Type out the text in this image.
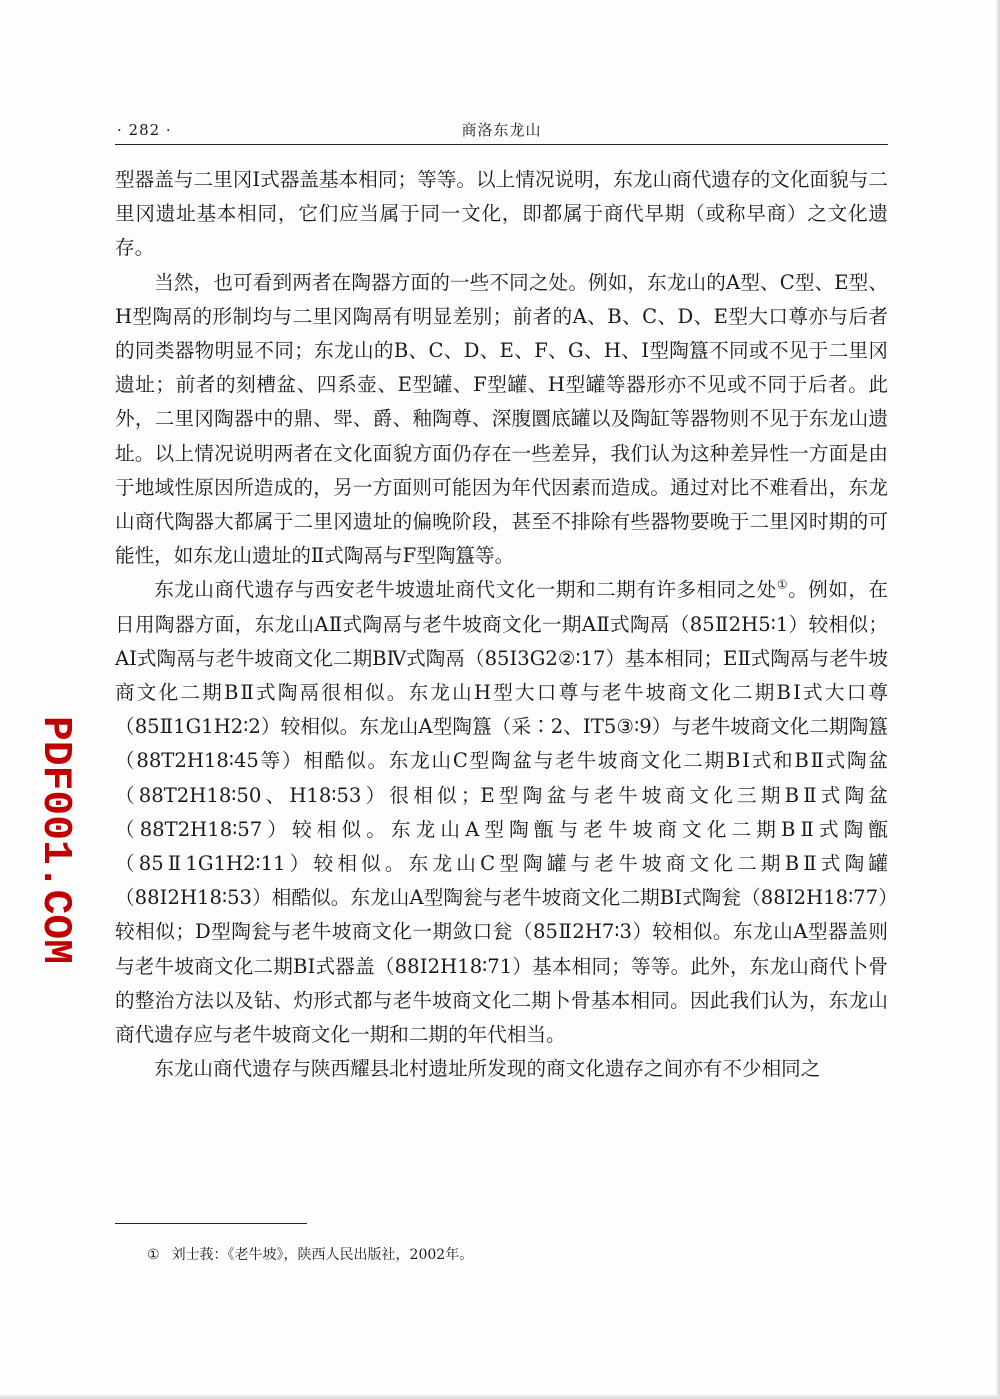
· 282 ·	商洛东龙山

型器盖与二里冈Ⅰ式器盖基本相同；等等。以上情况说明，东龙山商代遗存的文化面貌与二里冈遗址基本相同，它们应当属于同一文化，即都属于商代早期（或称早商）之文化遗存。

当然，也可看到两者在陶器方面的一些不同之处。例如，东龙山的A型、C型、E型、H型陶鬲的形制均与二里冈陶鬲有明显差别；前者的A、B、C、D、E型大口尊亦与后者的同类器物明显不同；东龙山的B、C、D、E、F、G、H、Ⅰ型陶簋不同或不见于二里冈遗址；前者的刻槽盆、四系壶、E型罐、F型罐、H型罐等器形亦不见或不同于后者。此外，二里冈陶器中的鼎、斝、爵、釉陶尊、深腹圜底罐以及陶缸等器物则不见于东龙山遗址。以上情况说明两者在文化面貌方面仍存在一些差异，我们认为这种差异性一方面是由于地域性原因所造成的，另一方面则可能因为年代因素而造成。通过对比不难看出，东龙山商代陶器大都属于二里冈遗址的偏晚阶段，甚至不排除有些器物要晚于二里冈时期的可能性，如东龙山遗址的Ⅱ式陶鬲与F型陶簋等。

东龙山商代遗存与西安老牛坡遗址商代文化一期和二期有许多相同之处①。例如，在日用陶器方面，东龙山AⅡ式陶鬲与老牛坡商文化一期AⅡ式陶鬲（85Ⅱ2H5∶1）较相似；AⅠ式陶鬲与老牛坡商文化二期BⅣ式陶鬲（85Ⅰ3G2②∶17）基本相同；EⅡ式陶鬲与老牛坡商文化二期BⅡ式陶鬲很相似。东龙山H型大口尊与老牛坡商文化二期BⅠ式大口尊（85Ⅱ1G1H2∶2）较相似。东龙山A型陶簋（采∶2、ⅠT5③∶9）与老牛坡商文化二期陶簋（88T2H18∶45等）相酷似。东龙山C型陶盆与老牛坡商文化二期BⅠ式和BⅡ式陶盆（88T2H18∶50、H18∶53）很相似；E型陶盆与老牛坡商文化三期BⅡ式陶盆（88T2H18∶57）较相似。东龙山A型陶甑与老牛坡商文化二期BⅡ式陶甑（85Ⅱ1G1H2∶11）较相似。东龙山C型陶罐与老牛坡商文化二期BⅡ式陶罐（88Ⅰ2H18∶53）相酷似。东龙山A型陶瓮与老牛坡商文化二期BⅠ式陶瓮（88Ⅰ2H18∶77）较相似；D型陶瓮与老牛坡商文化一期敛口瓮（85Ⅱ2H7∶3）较相似。东龙山A型器盖则与老牛坡商文化二期BⅠ式器盖（88Ⅰ2H18∶71）基本相同；等等。此外，东龙山商代卜骨的整治方法以及钻、灼形式都与老牛坡商文化二期卜骨基本相同。因此我们认为，东龙山商代遗存应与老牛坡商文化一期和二期的年代相当。

东龙山商代遗存与陕西耀县北村遗址所发现的商文化遗存之间亦有不少相同之

① 刘士莪：《老牛坡》，陕西人民出版社，2002年。
PDF001.COM
